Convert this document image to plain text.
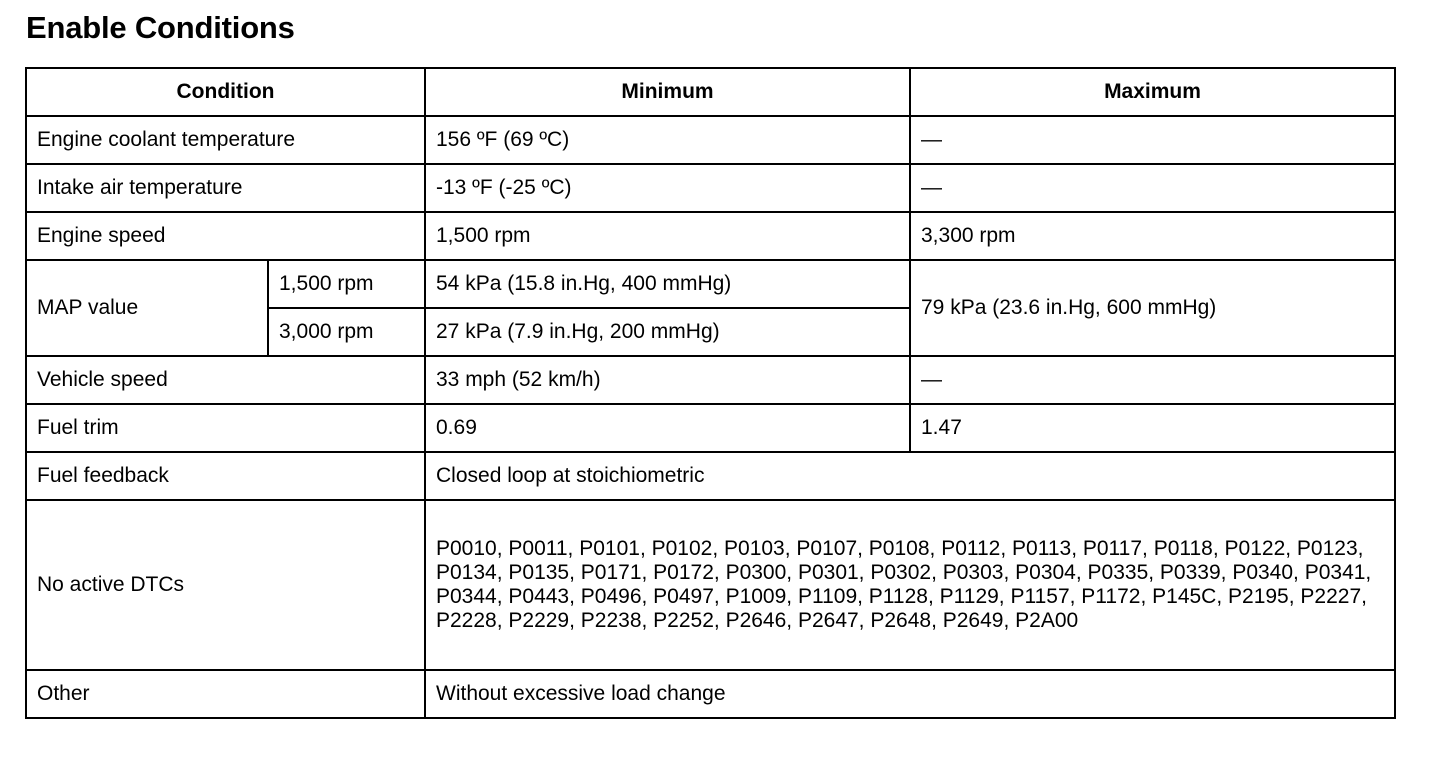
Enable Conditions
Condition		Minimum	Maximum
Engine coolant temperature		156 ºF (69 ºC)	—
Intake air temperature		-13 ºF (-25 ºC)	—
Engine speed		1,500 rpm	3,300 rpm
MAP value	1,500 rpm	54 kPa (15.8 in.Hg, 400 mmHg)	79 kPa (23.6 in.Hg, 600 mmHg)
	3,000 rpm	27 kPa (7.9 in.Hg, 200 mmHg)	
Vehicle speed		33 mph (52 km/h)	—
Fuel trim		0.69	1.47
Fuel feedback		Closed loop at stoichiometric	
No active DTCs		P0010, P0011, P0101, P0102, P0103, P0107, P0108, P0112, P0113, P0117, P0118, P0122, P0123, P0134, P0135, P0171, P0172, P0300, P0301, P0302, P0303, P0304, P0335, P0339, P0340, P0341, P0344, P0443, P0496, P0497, P1009, P1109, P1128, P1129, P1157, P1172, P145C, P2195, P2227, P2228, P2229, P2238, P2252, P2646, P2647, P2648, P2649, P2A00	
Other		Without excessive load change	
